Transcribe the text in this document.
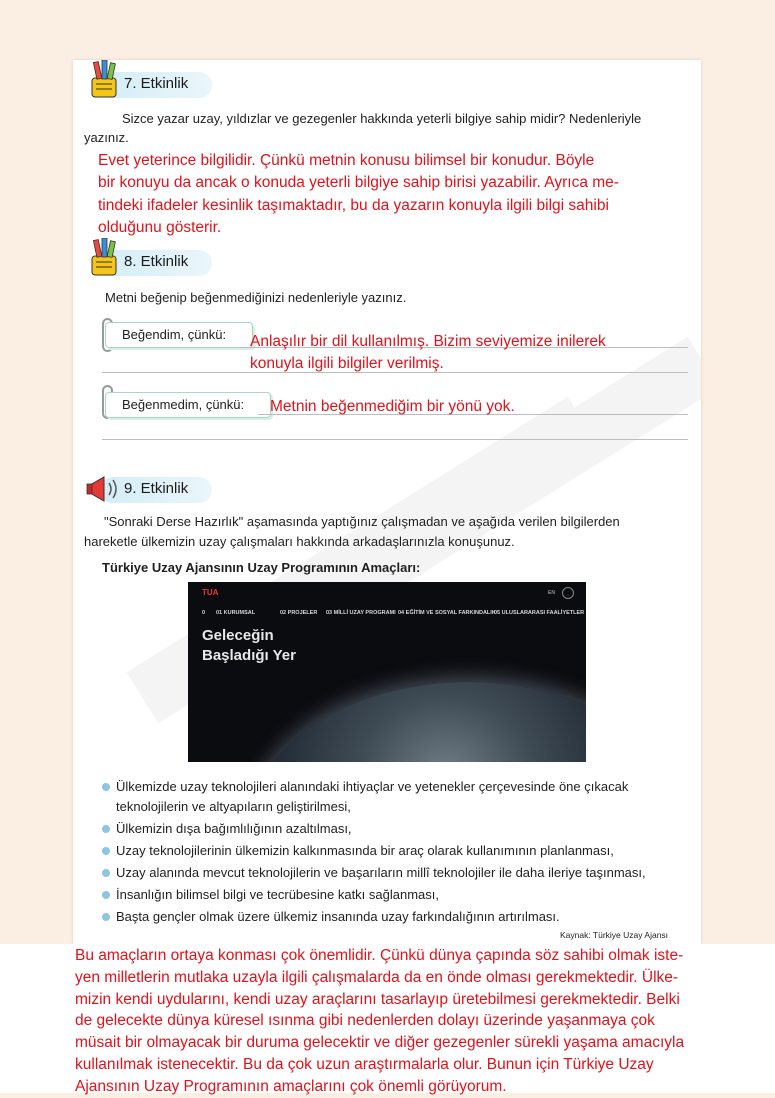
7. Etkinlik
Sizce yazar uzay, yıldızlar ve gezegenler hakkında yeterli bilgiye sahip midir? Nedenleriyle
yazınız.
Evet yeterince bilgilidir. Çünkü metnin konusu bilimsel bir konudur. Böyle
bir konuyu da ancak o konuda yeterli bilgiye sahip birisi yazabilir. Ayrıca me-
tindeki ifadeler kesinlik taşımaktadır, bu da yazarın konuyla ilgili bilgi sahibi
olduğunu gösterir.
8. Etkinlik
Metni beğenip beğenmediğinizi nedenleriyle yazınız.
Beğendim, çünkü:	Anlaşılır bir dil kullanılmış. Bizim seviyemize inilerek
konuyla ilgili bilgiler verilmiş.
Beğenmedim, çünkü:	Metnin beğenmediğim bir yönü yok.
9. Etkinlik
"Sonraki Derse Hazırlık" aşamasında yaptığınız çalışmadan ve aşağıda verilen bilgilerden
hareketle ülkemizin uzay çalışmaları hakkında arkadaşlarınızla konuşunuz.
Türkiye Uzay Ajansının Uzay Programının Amaçları:
TUA	EN
0 01 KURUMSAL	02 PROJELER 03 MİLLİ UZAY PROGRAMI 04 EĞİTİM VE SOSYAL FARKINDALIK
05 ULUSLARARASI FAALİYETLER
Geleceğin
Başladığı Yer
Ülkemizde uzay teknolojileri alanındaki ihtiyaçlar ve yetenekler çerçevesinde öne çıkacak
teknolojilerin ve altyapıların geliştirilmesi,
Ülkemizin dışa bağımlılığının azaltılması,
Uzay teknolojilerinin ülkemizin kalkınmasında bir araç olarak kullanımının planlanması,
Uzay alanında mevcut teknolojilerin ve başarıların millî teknolojiler ile daha ileriye taşınması,
İnsanlığın bilimsel bilgi ve tecrübesine katkı sağlanması,
Başta gençler olmak üzere ülkemiz insanında uzay farkındalığının artırılması.
Kaynak: Türkiye Uzay Ajansı
Bu amaçların ortaya konması çok önemlidir. Çünkü dünya çapında söz sahibi olmak iste-
yen milletlerin mutlaka uzayla ilgili çalışmalarda da en önde olması gerekmektedir. Ülke-
mizin kendi uydularını, kendi uzay araçlarını tasarlayıp üretebilmesi gerekmektedir. Belki
de gelecekte dünya küresel ısınma gibi nedenlerden dolayı üzerinde yaşanmaya çok
müsait bir olmayacak bir duruma gelecektir ve diğer gezegenler sürekli yaşama amacıyla
kullanılmak istenecektir. Bu da çok uzun araştırmalarla olur. Bunun için Türkiye Uzay
Ajansının Uzay Programının amaçlarını çok önemli görüyorum.
